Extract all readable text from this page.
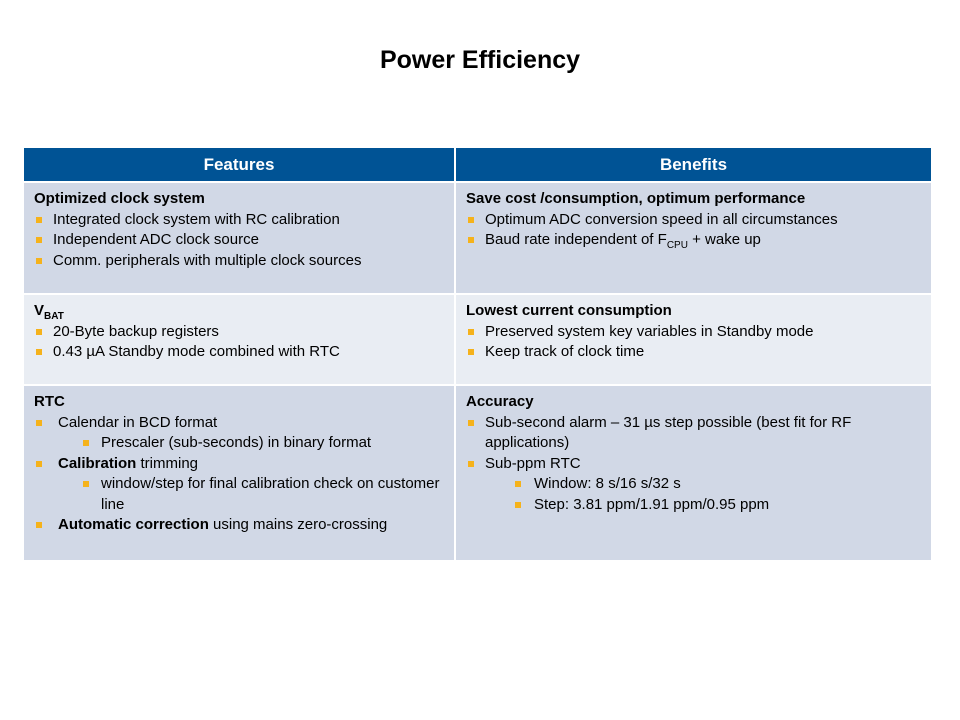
Power Efficiency
Features	Benefits
Optimized clock system
Integrated clock system with RC calibration
Independent ADC clock source
Comm. peripherals with multiple clock sources
Save cost /consumption, optimum performance
Optimum ADC conversion speed in all circumstances
Baud rate independent of $F_{CPU}$ + wake up
$V_{BAT}$
20-Byte backup registers
0.43 µA Standby mode combined with RTC
Lowest current consumption
Preserved system key variables in Standby mode
Keep track of clock time
RTC
Calendar in BCD format
Prescaler (sub-seconds) in binary format
Calibration trimming
window/step for final calibration check on customer line
Automatic correction using mains zero-crossing
Accuracy
Sub-second alarm – 31 µs step possible (best fit for RF applications)
Sub-ppm RTC
Window: 8 s/16 s/32 s
Step: 3.81 ppm/1.91 ppm/0.95 ppm
